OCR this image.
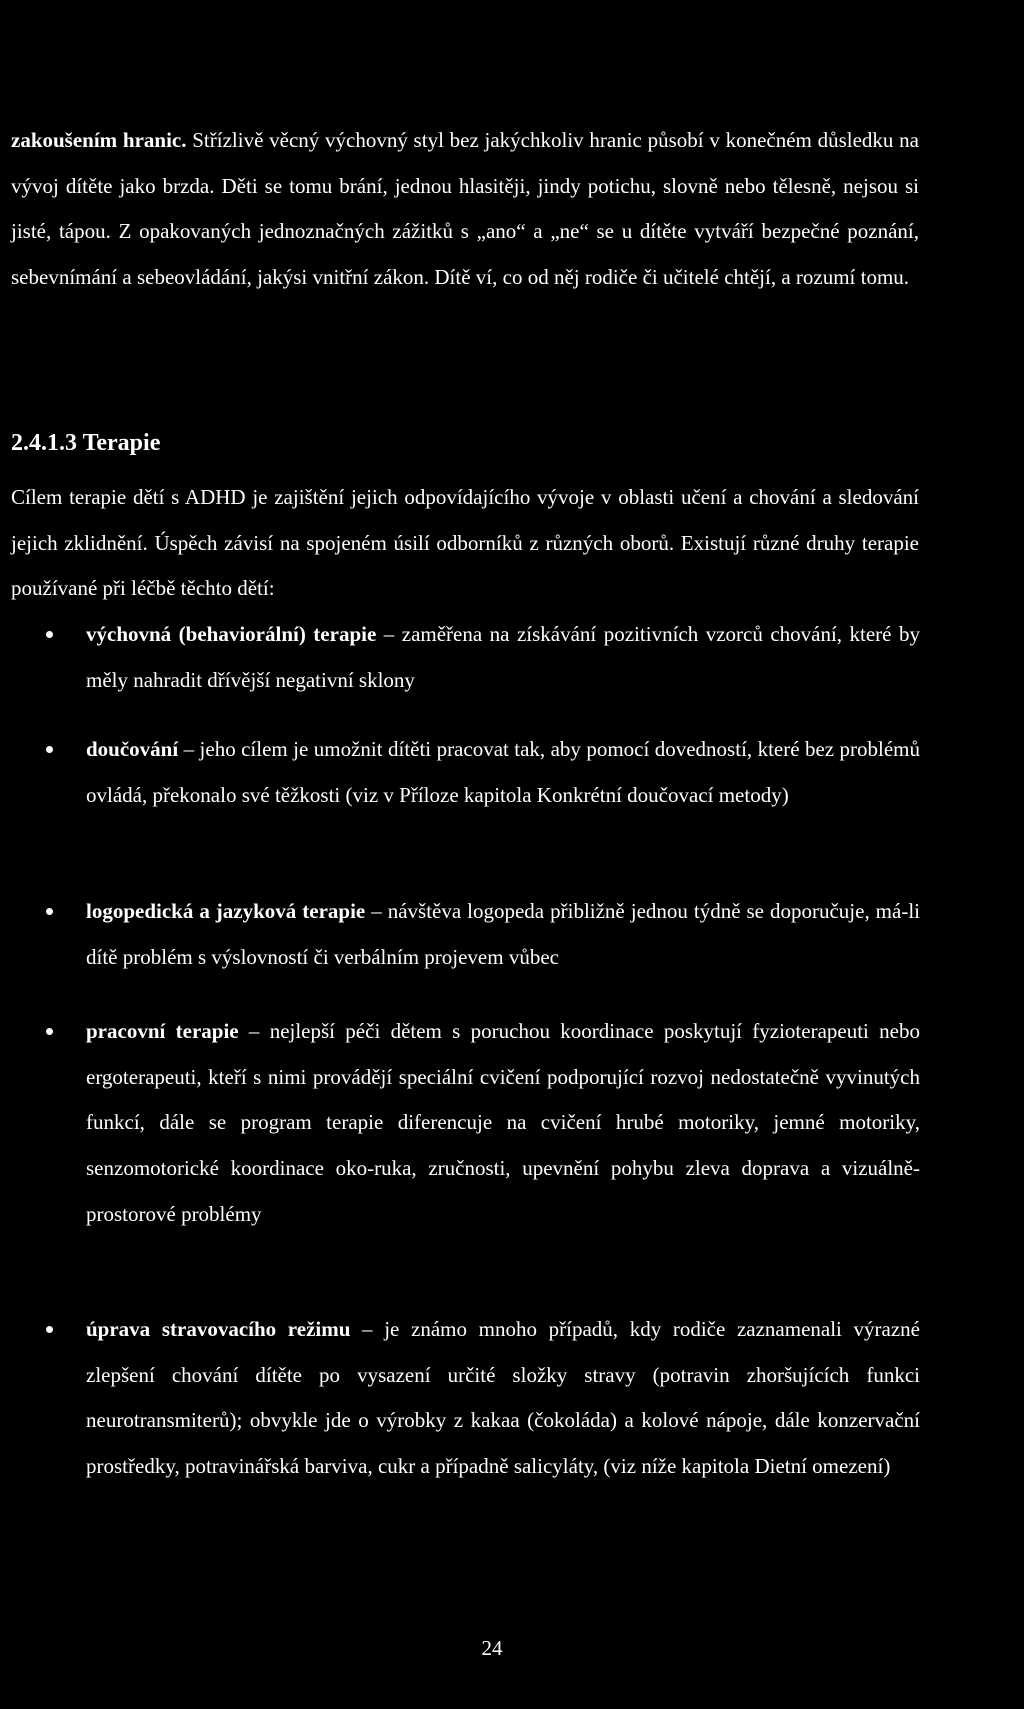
zakoušením hranic. Střízlivě věcný výchovný styl bez jakýchkoliv hranic působí v konečném důsledku na vývoj dítěte jako brzda. Děti se tomu brání, jednou hlasitěji, jindy potichu, slovně nebo tělesně, nejsou si jisté, tápou. Z opakovaných jednoznačných zážitků s „ano“ a „ne“ se u dítěte vytváří bezpečné poznání, sebevnímání a sebeovládání, jakýsi vnitřní zákon. Dítě ví, co od něj rodiče či učitelé chtějí, a rozumí tomu.

2.4.1.3 Terapie

Cílem terapie dětí s ADHD je zajištění jejich odpovídajícího vývoje v oblasti učení a chování a sledování jejich zklidnění. Úspěch závisí na spojeném úsilí odborníků z různých oborů. Existují různé druhy terapie používané při léčbě těchto dětí:

výchovná (behaviorální) terapie – zaměřena na získávání pozitivních vzorců chování, které by měly nahradit dřívější negativní sklony

doučování – jeho cílem je umožnit dítěti pracovat tak, aby pomocí dovedností, které bez problémů ovládá, překonalo své těžkosti (viz v Příloze kapitola Konkrétní doučovací metody)

logopedická a jazyková terapie – návštěva logopeda přibližně jednou týdně se doporučuje, má-li dítě problém s výslovností či verbálním projevem vůbec

pracovní terapie – nejlepší péči dětem s poruchou koordinace poskytují fyzioterapeuti nebo ergoterapeuti, kteří s nimi provádějí speciální cvičení podporující rozvoj nedostatečně vyvinutých funkcí, dále se program terapie diferencuje na cvičení hrubé motoriky, jemné motoriky, senzomotorické koordinace oko-ruka, zručnosti, upevnění pohybu zleva doprava a vizuálně-prostorové problémy

úprava stravovacího režimu – je známo mnoho případů, kdy rodiče zaznamenali výrazné zlepšení chování dítěte po vysazení určité složky stravy (potravin zhoršujících funkci neurotransmiterů); obvykle jde o výrobky z kakaa (čokoláda) a kolové nápoje, dále konzervační prostředky, potravinářská barviva, cukr a případně salicyláty, (viz níže kapitola Dietní omezení)

24
